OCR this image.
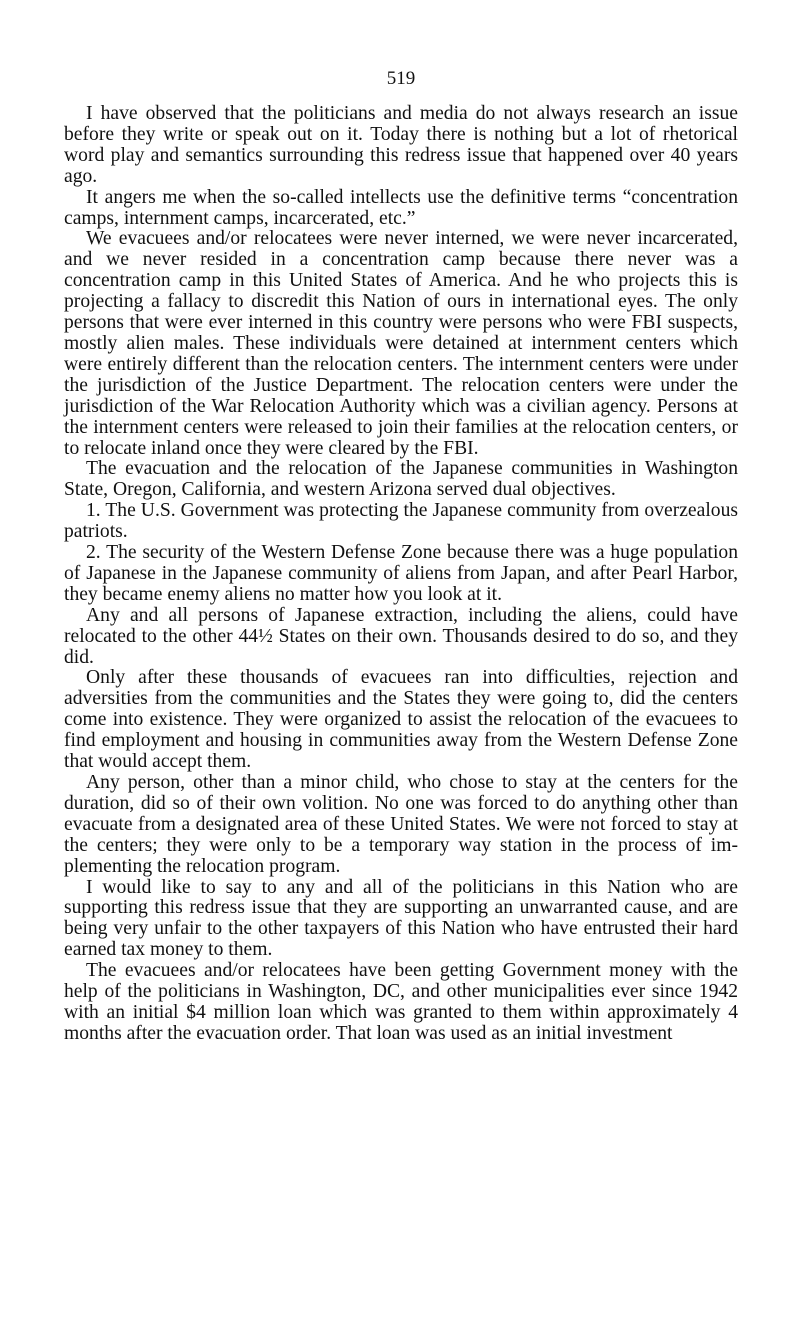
519

I have observed that the politicians and media do not always research an issue before they write or speak out on it. Today there is nothing but a lot of rhetorical word play and semantics surrounding this redress issue that happened over 40 years ago.

It angers me when the so-called intellects use the definitive terms “concentration camps, internment camps, incarcerated, etc.”

We evacuees and/or relocatees were never interned, we were never incarcerated, and we never resided in a concentration camp because there never was a concentration camp in this United States of America. And he who projects this is projecting a fallacy to discredit this Nation of ours in international eyes. The only persons that were ever interned in this country were persons who were FBI suspects, mostly alien males. These individuals were detained at internment centers which were entirely different than the relocation centers. The internment centers were under the jurisdiction of the Justice Department. The relocation centers were under the jurisdiction of the War Relocation Authority which was a civilian agency. Persons at the internment centers were released to join their families at the relocation centers, or to relocate inland once they were cleared by the FBI.

The evacuation and the relocation of the Japanese communities in Washington State, Oregon, California, and western Arizona served dual objectives.

1. The U.S. Government was protecting the Japanese community from overzealous patriots.

2. The security of the Western Defense Zone because there was a huge population of Japanese in the Japanese community of aliens from Japan, and after Pearl Harbor, they became enemy aliens no matter how you look at it.

Any and all persons of Japanese extraction, including the aliens, could have relocated to the other 44½ States on their own. Thousands desired to do so, and they did.

Only after these thousands of evacuees ran into difficulties, rejection and adversities from the communities and the States they were going to, did the centers come into existence. They were organized to assist the relocation of the evacuees to find employment and housing in communities away from the Western Defense Zone that would accept them.

Any person, other than a minor child, who chose to stay at the centers for the duration, did so of their own volition. No one was forced to do anything other than evacuate from a designated area of these United States. We were not forced to stay at the centers; they were only to be a temporary way station in the process of implementing the relocation program.

I would like to say to any and all of the politicians in this Nation who are supporting this redress issue that they are supporting an unwarranted cause, and are being very unfair to the other taxpayers of this Nation who have entrusted their hard earned tax money to them.

The evacuees and/or relocatees have been getting Government money with the help of the politicians in Washington, DC, and other municipalities ever since 1942 with an initial $4 million loan which was granted to them within approximately 4 months after the evacuation order. That loan was used as an initial investment
